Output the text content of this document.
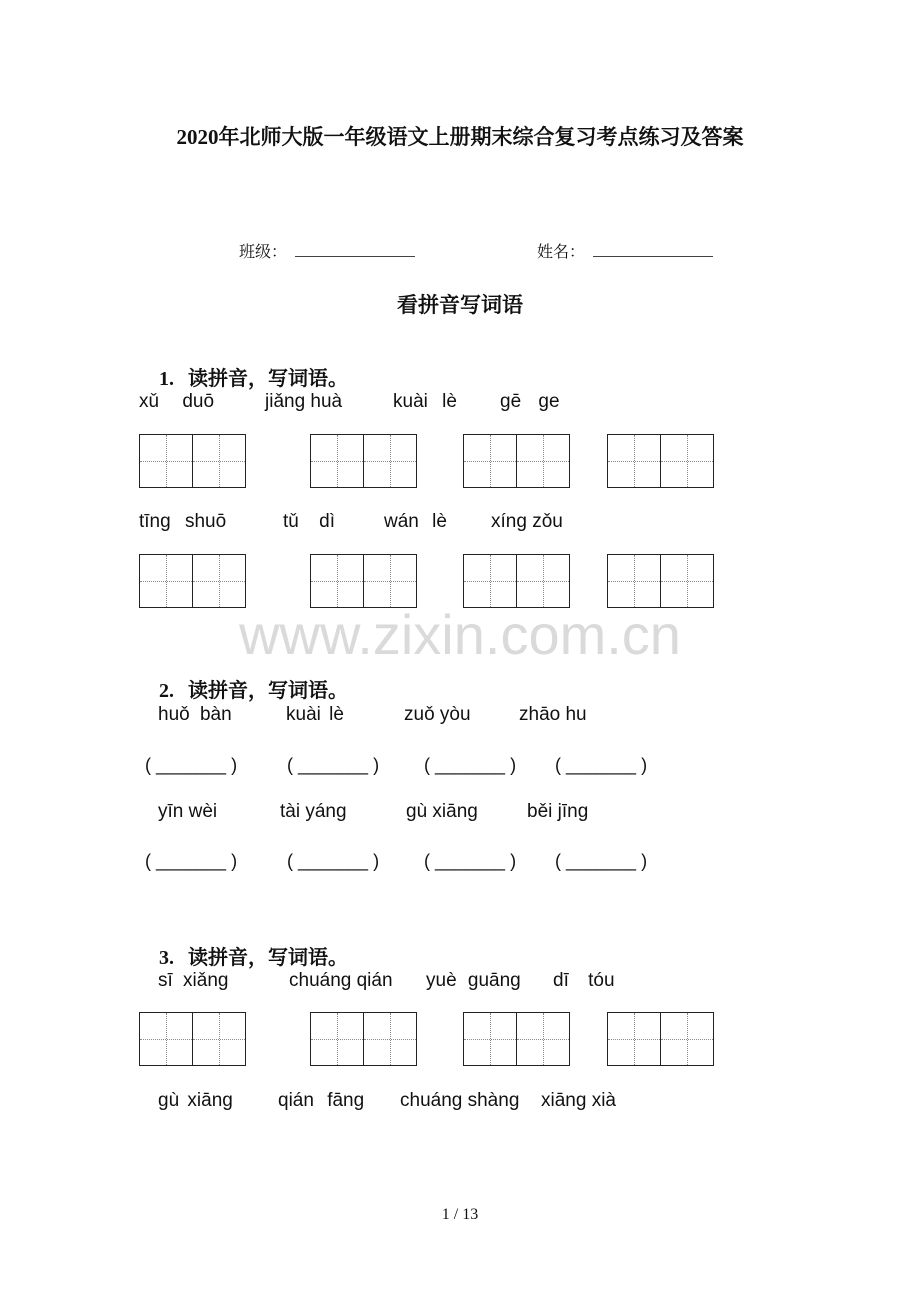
2020年北师大版一年级语文上册期末综合复习考点练习及答案

班级：
	姓名：

看拼音写词语

1. 读拼音，写词语。

xǔ duō	jiǎng huà	kuài lè gē ge
tīng shuō	tǔ dì	wán lè xíng zǒu
www.zixin.com.cn

2. 读拼音，写词语。

huǒ bàn	kuài lè	zuǒ yòu	zhāo hu
( _______ )	( _______ ) ( _______ ) ( _______ )
yīn wèi	tài yáng	gù xiāng	běi jīng
( _______ )	( _______ ) ( _______ ) ( _______ )

3. 读拼音，写词语。

sī xiǎng	chuáng qián yuè guāng dī tóu
gù xiāng qián fāng chuáng shàng xiāng xià
1 / 13
